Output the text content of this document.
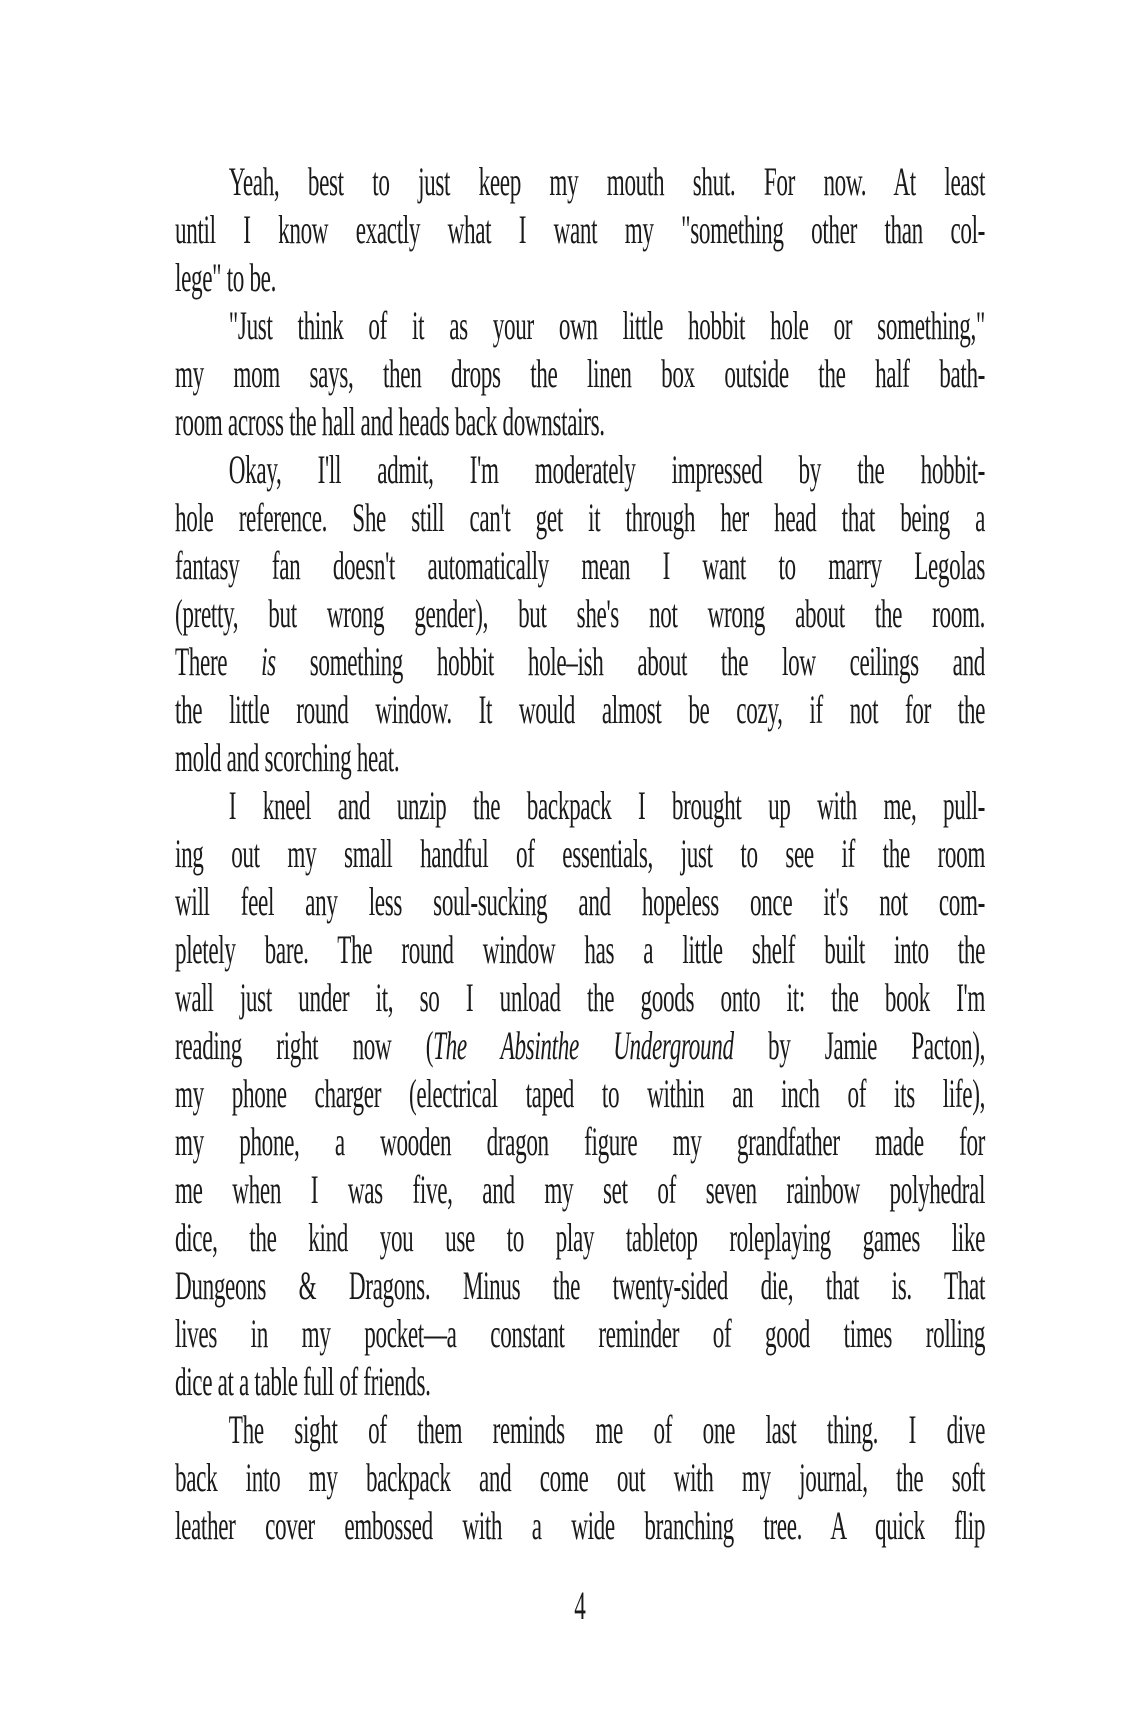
Yeah, best to just keep my mouth shut. For now. At least
until I know exactly what I want my "something other than col-
lege" to be.
"Just think of it as your own little hobbit hole or something,"
my mom says, then drops the linen box outside the half bath-
room across the hall and heads back downstairs.
Okay, I'll admit, I'm moderately impressed by the hobbit-
hole reference. She still can't get it through her head that being a
fantasy fan doesn't automatically mean I want to marry Legolas
(pretty, but wrong gender), but she's not wrong about the room.
There is something hobbit hole–ish about the low ceilings and
the little round window. It would almost be cozy, if not for the
mold and scorching heat.
I kneel and unzip the backpack I brought up with me, pull-
ing out my small handful of essentials, just to see if the room
will feel any less soul-sucking and hopeless once it's not com-
pletely bare. The round window has a little shelf built into the
wall just under it, so I unload the goods onto it: the book I'm
reading right now (The Absinthe Underground by Jamie Pacton),
my phone charger (electrical taped to within an inch of its life),
my phone, a wooden dragon figure my grandfather made for
me when I was five, and my set of seven rainbow polyhedral
dice, the kind you use to play tabletop roleplaying games like
Dungeons & Dragons. Minus the twenty-sided die, that is. That
lives in my pocket—a constant reminder of good times rolling
dice at a table full of friends.
The sight of them reminds me of one last thing. I dive
back into my backpack and come out with my journal, the soft
leather cover embossed with a wide branching tree. A quick flip
4
